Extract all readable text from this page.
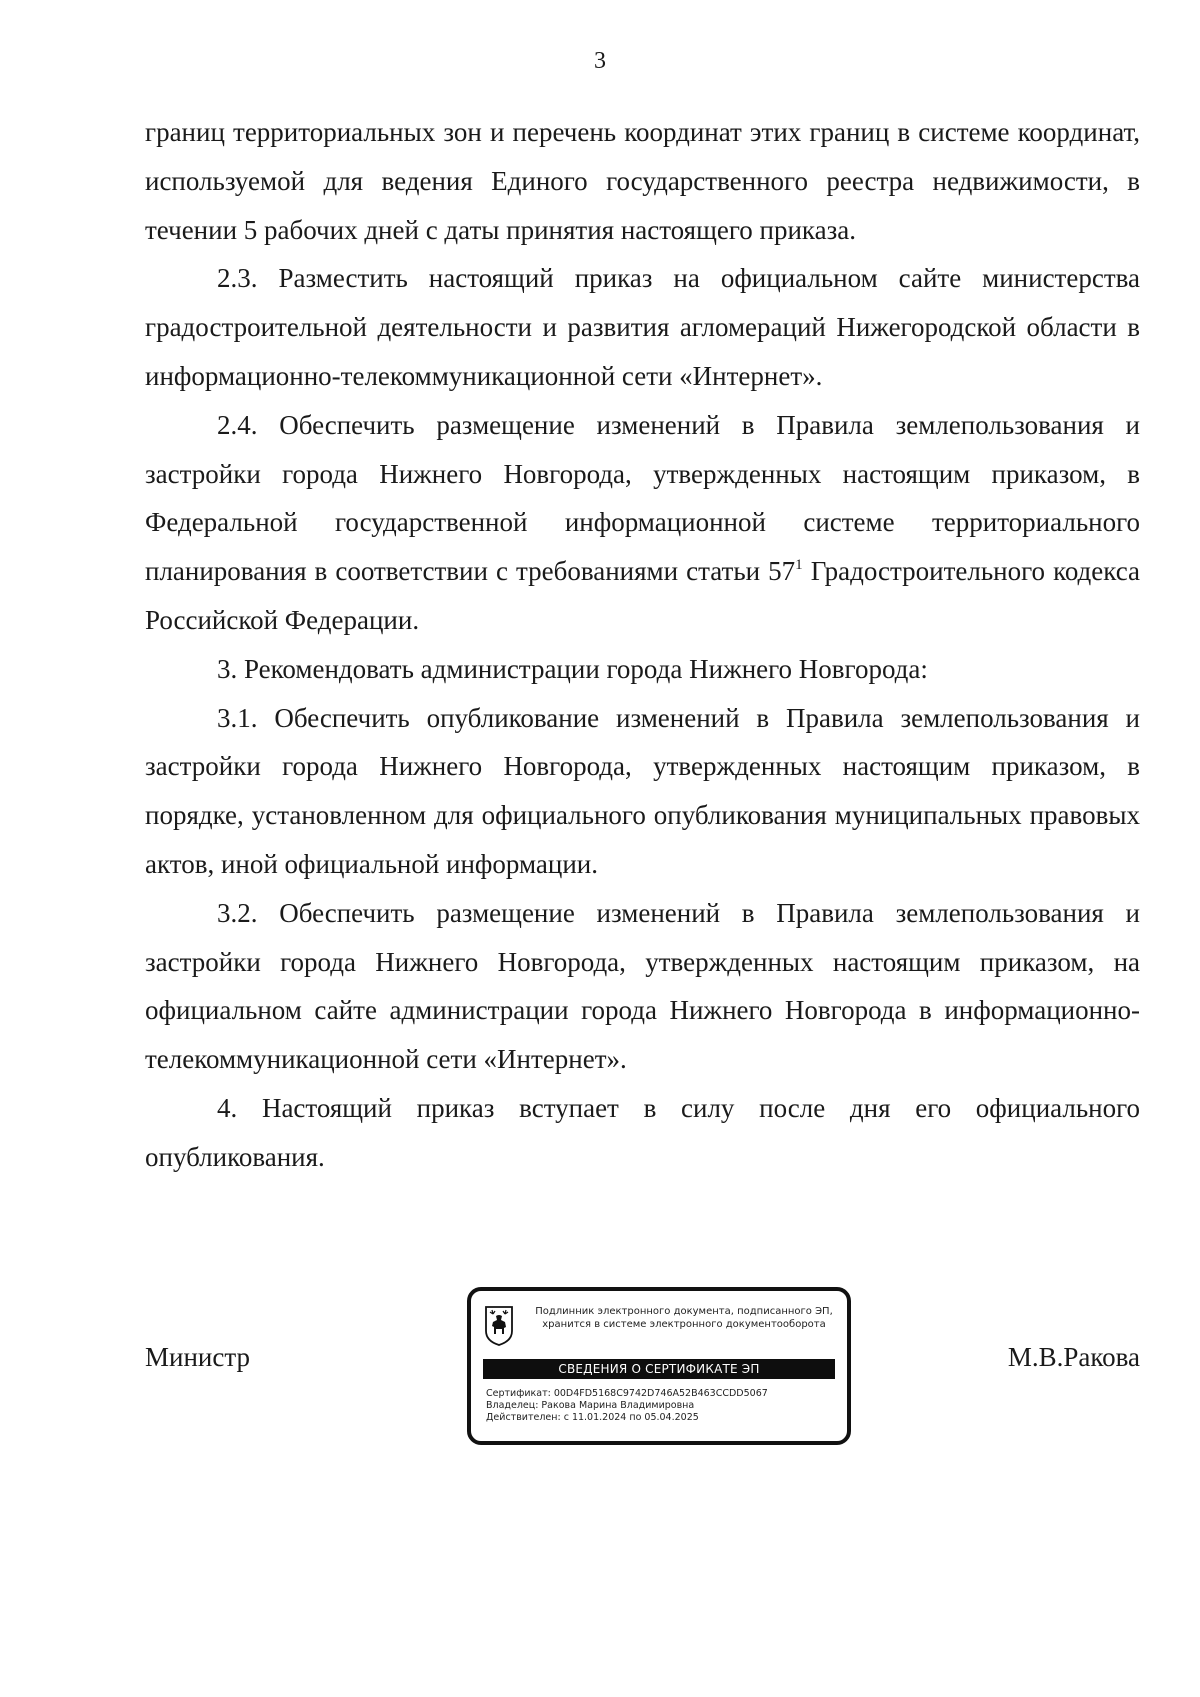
3

границ территориальных зон и перечень координат этих границ в системе координат, используемой для ведения Единого государственного реестра недвижимости, в течении 5 рабочих дней с даты принятия настоящего приказа.

2.3. Разместить настоящий приказ на официальном сайте министерства градостроительной деятельности и развития агломераций Нижегородской области в информационно-телекоммуникационной сети «Интернет».

2.4. Обеспечить размещение изменений в Правила землепользования и застройки города Нижнего Новгорода, утвержденных настоящим приказом, в Федеральной государственной информационной системе территориального планирования в соответствии с требованиями статьи $57^1$ Градостроительного кодекса Российской Федерации.

3. Рекомендовать администрации города Нижнего Новгорода:

3.1. Обеспечить опубликование изменений в Правила землепользования и застройки города Нижнего Новгорода, утвержденных настоящим приказом, в порядке, установленном для официального опубликования муниципальных правовых актов, иной официальной информации.

3.2. Обеспечить размещение изменений в Правила землепользования и застройки города Нижнего Новгорода, утвержденных настоящим приказом, на официальном сайте администрации города Нижнего Новгорода в информационно-телекоммуникационной сети «Интернет».

4. Настоящий приказ вступает в силу после дня его официального опубликования.

Министр	М.В.Ракова
Подлинник электронного документа, подписанного ЭП,
хранится в системе электронного документооборота
СВЕДЕНИЯ О СЕРТИФИКАТЕ ЭП
Сертификат: 00D4FD5168C9742D746A52B463CCDD5067
Владелец: Ракова Марина Владимировна
Действителен: с 11.01.2024 по 05.04.2025
